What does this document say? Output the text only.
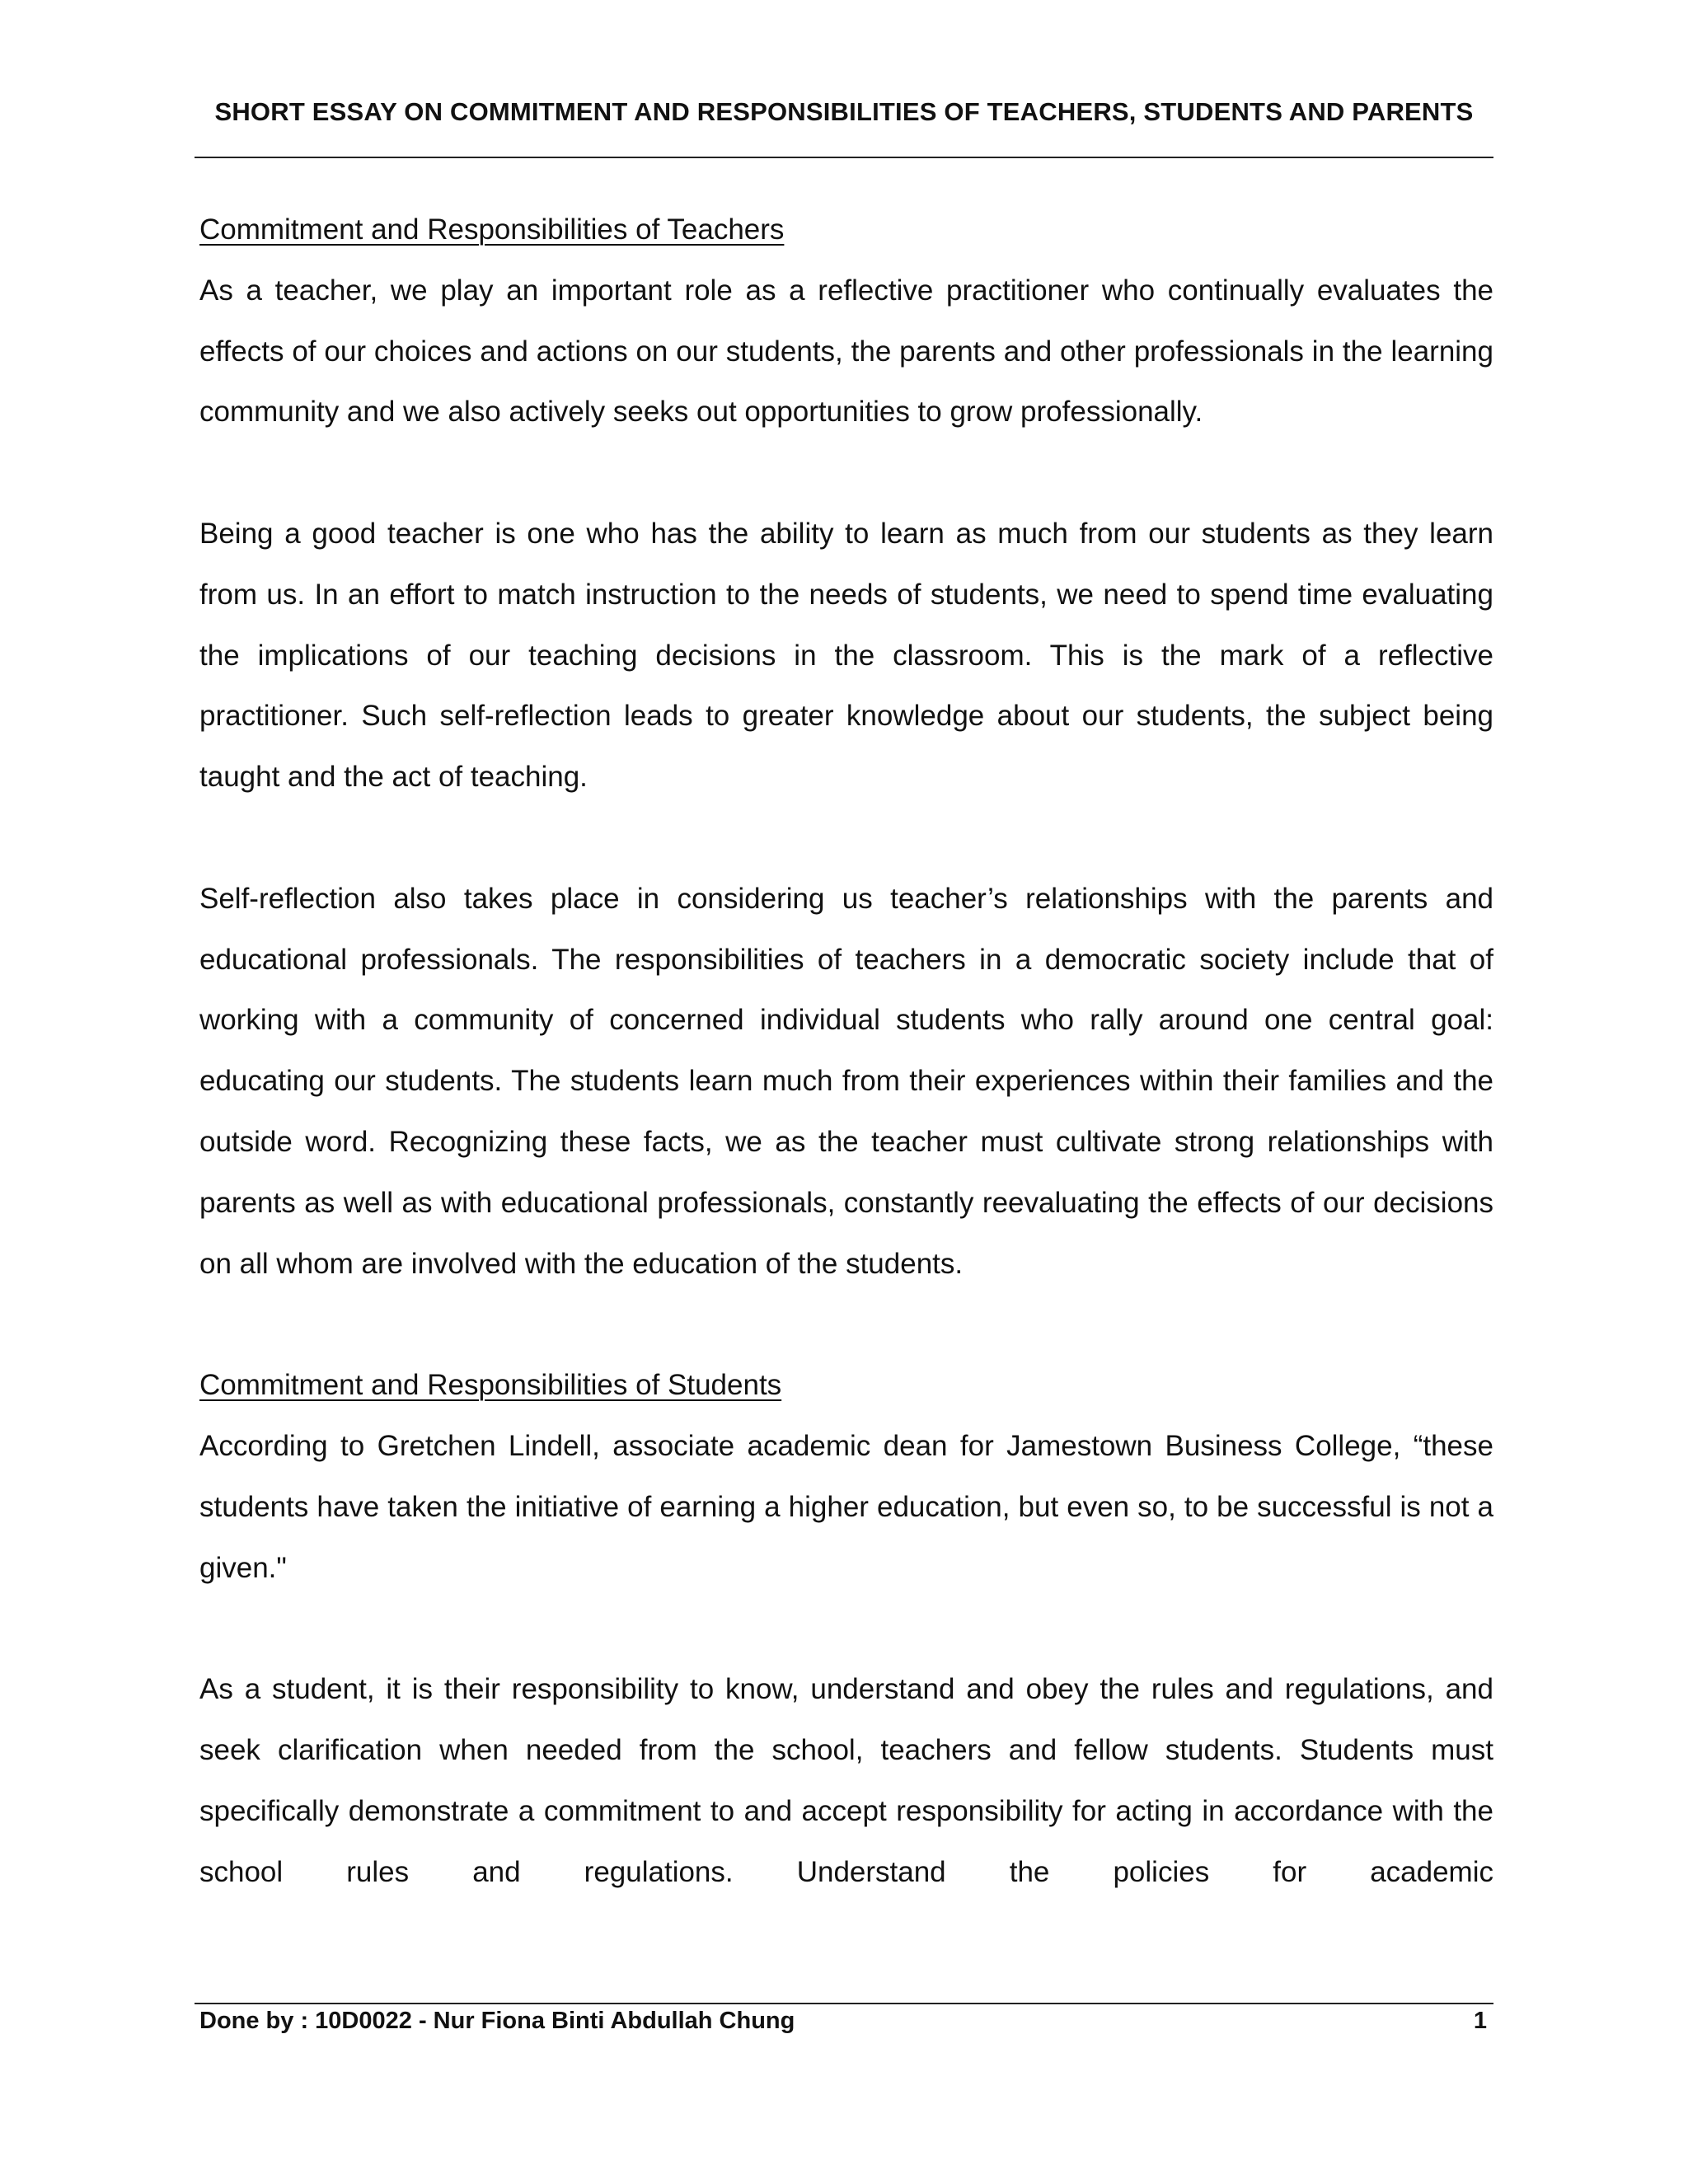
SHORT ESSAY ON COMMITMENT AND RESPONSIBILITIES OF TEACHERS, STUDENTS AND PARENTS
Commitment and Responsibilities of Teachers

As a teacher, we play an important role as a reflective practitioner who continually evaluates the effects of our choices and actions on our students, the parents and other professionals in the learning community and we also actively seeks out opportunities to grow professionally.

Being a good teacher is one who has the ability to learn as much from our students as they learn from us. In an effort to match instruction to the needs of students, we need to spend time evaluating the implications of our teaching decisions in the classroom. This is the mark of a reflective practitioner. Such self-reflection leads to greater knowledge about our students, the subject being taught and the act of teaching.

Self-reflection also takes place in considering us teacher’s relationships with the parents and educational professionals. The responsibilities of teachers in a democratic society include that of working with a community of concerned individual students who rally around one central goal: educating our students. The students learn much from their experiences within their families and the outside word. Recognizing these facts, we as the teacher must cultivate strong relationships with parents as well as with educational professionals, constantly reevaluating the effects of our decisions on all whom are involved with the education of the students.

Commitment and Responsibilities of Students

According to Gretchen Lindell, associate academic dean for Jamestown Business College, “these students have taken the initiative of earning a higher education, but even so, to be successful is not a given."

As a student, it is their responsibility to know, understand and obey the rules and regulations, and seek clarification when needed from the school, teachers and fellow students. Students must specifically demonstrate a commitment to and accept responsibility for acting in accordance with the school rules and regulations. Understand the policies for academic

Done by : 10D0022 - Nur Fiona Binti Abdullah Chung	1
